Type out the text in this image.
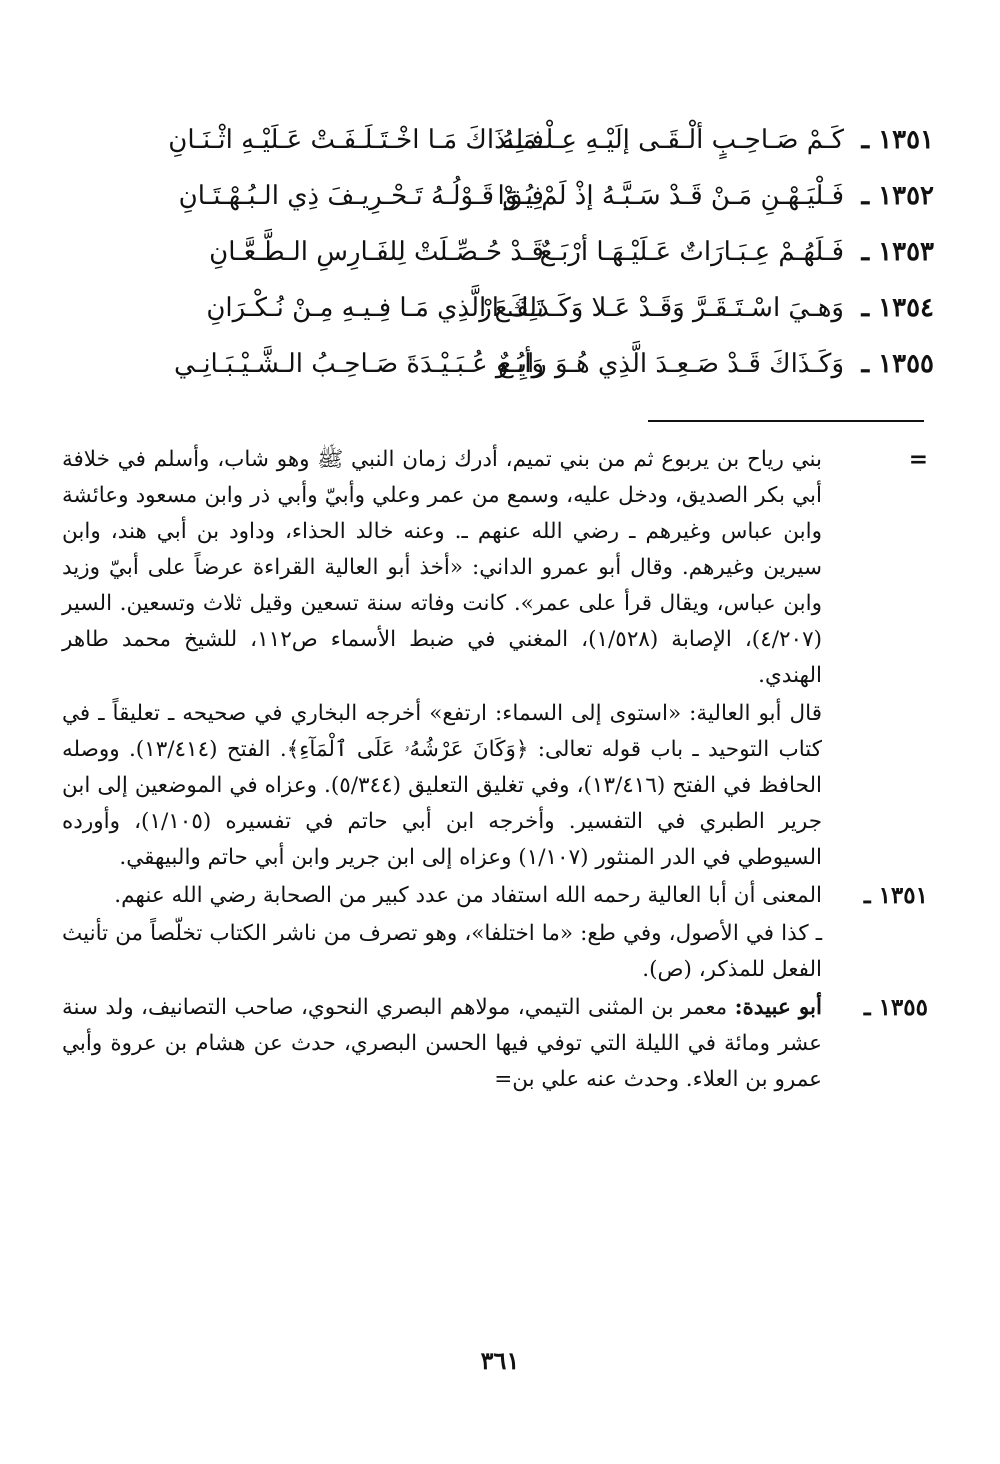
١٣٥١ ـكَـمْ صَـاحِـبٍ ألْـقَـى إلَيْـهِ عِـلْـمَـهُ
فـلِـذَاكَ مَـا اخْـتَـلَـفَـتْ عَـلَيْـهِ اثْـنَـانِ
١٣٥٢ ـفَـلْيَـهْـنِ مَـنْ قَـدْ سَـبَّـهُ إذْ لَمْ يُـوَا
فِـقْ قَـوْلُـهُ تَـحْـرِيـفَ ذِي الـبُـهْـتَـانِ
١٣٥٣ ـفَـلَهُـمْ عِـبَـارَاتٌ عَـلَيْـهَـا أرْبَـعٌ
قَـدْ حُـصِّـلَتْ لِلفَـارِسِ الـطَّـعَّـانِ
١٣٥٤ ـوَهـيَ اسْـتَـقَـرَّ وَقَـدْ عَـلا وَكَـذلِكَ ارْ
تَـفَـعَ الَّذِي مَـا فِـيـهِ مِـنْ نُـكْـرَانِ
١٣٥٥ ـوَكَـذَاكَ قَـدْ صَـعِـدَ الَّذِي هُـوَ رابِـعٌ
وَأبُـو عُـبَـيْـدَةَ صَـاحِـبُ الـشَّـيْـبَـانِـي
=
بني رياح بن يربوع ثم من بني تميم، أدرك زمان النبي ﷺ وهو شاب، وأسلم في خلافة أبي بكر الصديق، ودخل عليه، وسمع من عمر وعلي وأبيّ وأبي ذر وابن مسعود وعائشة وابن عباس وغيرهم ـ رضي الله عنهم ـ. وعنه خالد الحذاء، وداود بن أبي هند، وابن سيرين وغيرهم. وقال أبو عمرو الداني: «أخذ أبو العالية القراءة عرضاً على أبيّ وزيد وابن عباس، ويقال قرأ على عمر». كانت وفاته سنة تسعين وقيل ثلاث وتسعين. السير (٤/٢٠٧)، الإصابة (١/٥٢٨)، المغني في ضبط الأسماء ص١١٢، للشيخ محمد طاهر الهندي.
قال أبو العالية: «استوى إلى السماء: ارتفع» أخرجه البخاري في صحيحه ـ تعليقاً ـ في كتاب التوحيد ـ باب قوله تعالى: ﴿وَكَانَ عَرْشُهُۥ عَلَى ٱلْمَآءِ﴾. الفتح (١٣/٤١٤). ووصله الحافظ في الفتح (١٣/٤١٦)، وفي تغليق التعليق (٥/٣٤٤). وعزاه في الموضعين إلى ابن جرير الطبري في التفسير. وأخرجه ابن أبي حاتم في تفسيره (١/١٠٥)، وأورده السيوطي في الدر المنثور (١/١٠٧) وعزاه إلى ابن جرير وابن أبي حاتم والبيهقي.
١٣٥١ ـ
المعنى أن أبا العالية رحمه الله استفاد من عدد كبير من الصحابة رضي الله عنهم.
ـ كذا في الأصول، وفي طع: «ما اختلفا»، وهو تصرف من ناشر الكتاب تخلّصاً من تأنيث الفعل للمذكر، (ص).
١٣٥٥ ـ
أبو عبيدة: معمر بن المثنى التيمي، مولاهم البصري النحوي، صاحب التصانيف، ولد سنة عشر ومائة في الليلة التي توفي فيها الحسن البصري، حدث عن هشام بن عروة وأبي عمرو بن العلاء. وحدث عنه علي بن=
٣٦١
